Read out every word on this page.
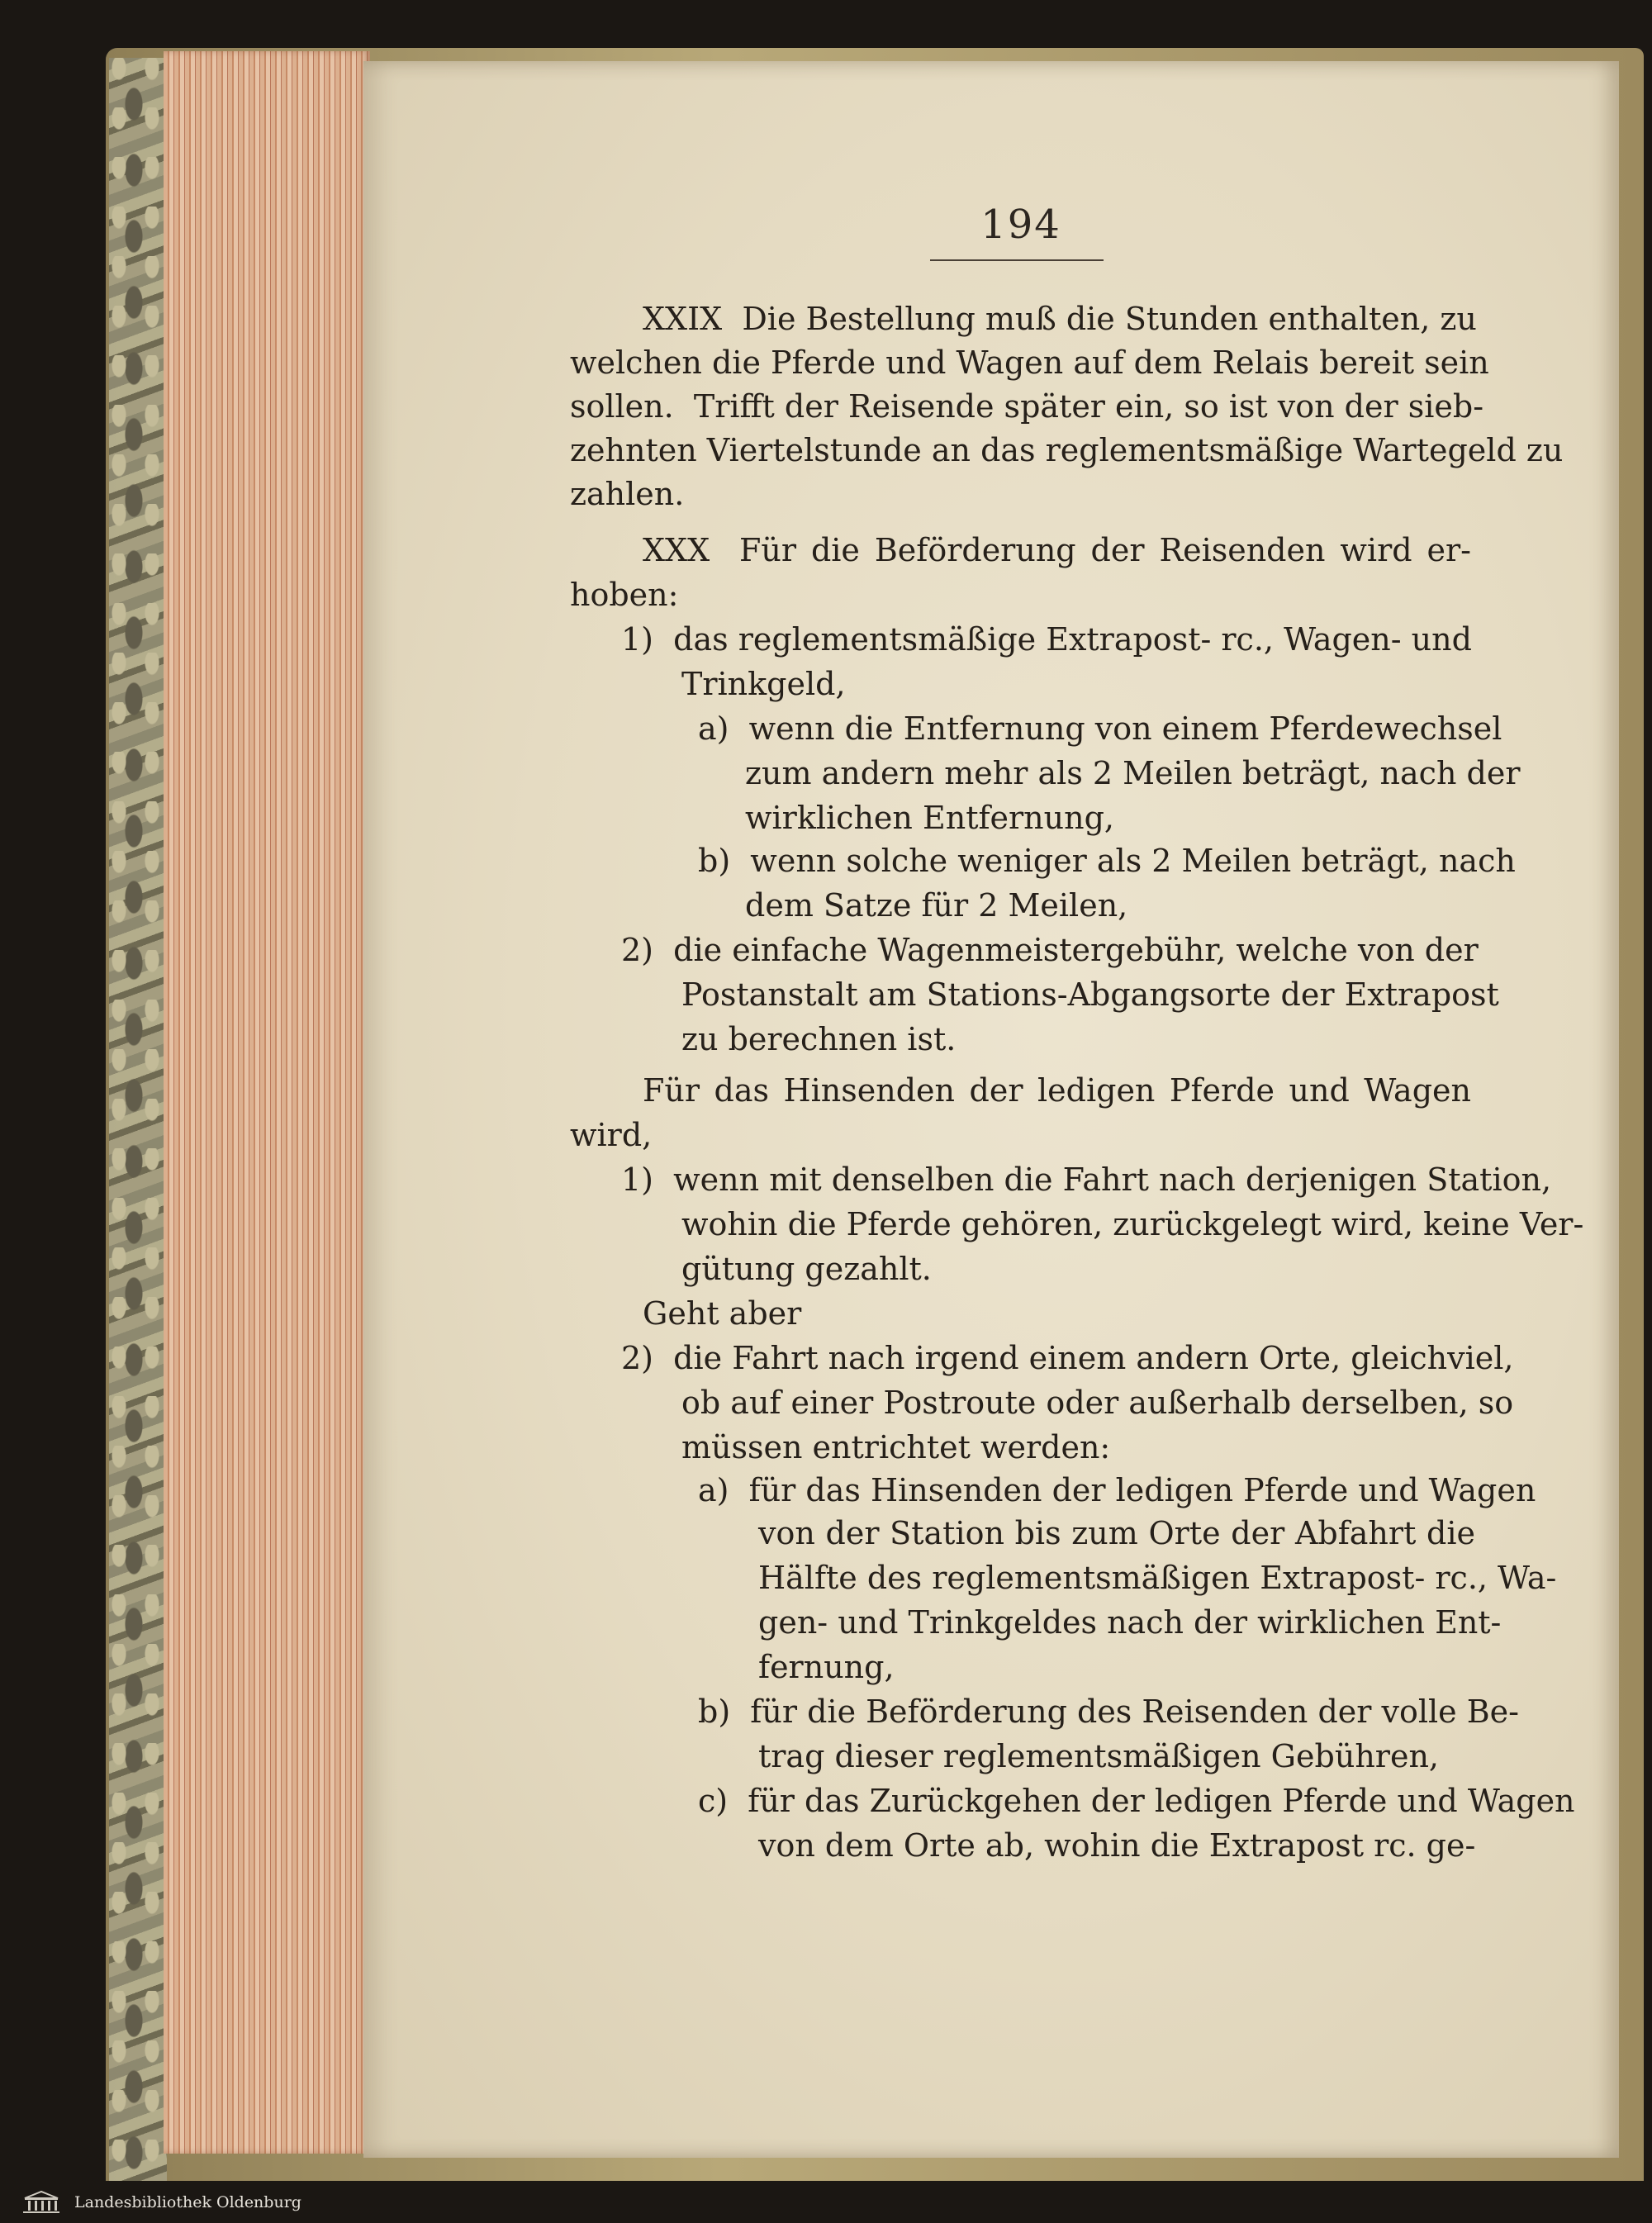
194
XXIX  Die Bestellung muß die Stunden enthalten, zu
welchen die Pferde und Wagen auf dem Relais bereit sein
sollen.  Trifft der Reisende später ein, so ist von der sieb-
zehnten Viertelstunde an das reglementsmäßige Wartegeld zu
zahlen.
XXX  Für die Beförderung der Reisenden wird er-
hoben:
1)  das reglementsmäßige Extrapost- rc., Wagen- und
Trinkgeld,
a)  wenn die Entfernung von einem Pferdewechsel
zum andern mehr als 2 Meilen beträgt, nach der
wirklichen Entfernung,
b)  wenn solche weniger als 2 Meilen beträgt, nach
dem Satze für 2 Meilen,
2)  die einfache Wagenmeistergebühr, welche von der
Postanstalt am Stations-Abgangsorte der Extrapost
zu berechnen ist.
Für das Hinsenden der ledigen Pferde und Wagen
wird,
1)  wenn mit denselben die Fahrt nach derjenigen Station,
wohin die Pferde gehören, zurückgelegt wird, keine Ver-
gütung gezahlt.
Geht aber
2)  die Fahrt nach irgend einem andern Orte, gleichviel,
ob auf einer Postroute oder außerhalb derselben, so
müssen entrichtet werden:
a)  für das Hinsenden der ledigen Pferde und Wagen
von der Station bis zum Orte der Abfahrt die
Hälfte des reglementsmäßigen Extrapost- rc., Wa-
gen- und Trinkgeldes nach der wirklichen Ent-
fernung,
b)  für die Beförderung des Reisenden der volle Be-
trag dieser reglementsmäßigen Gebühren,
c)  für das Zurückgehen der ledigen Pferde und Wagen
von dem Orte ab, wohin die Extrapost rc. ge-
Landesbibliothek Oldenburg
